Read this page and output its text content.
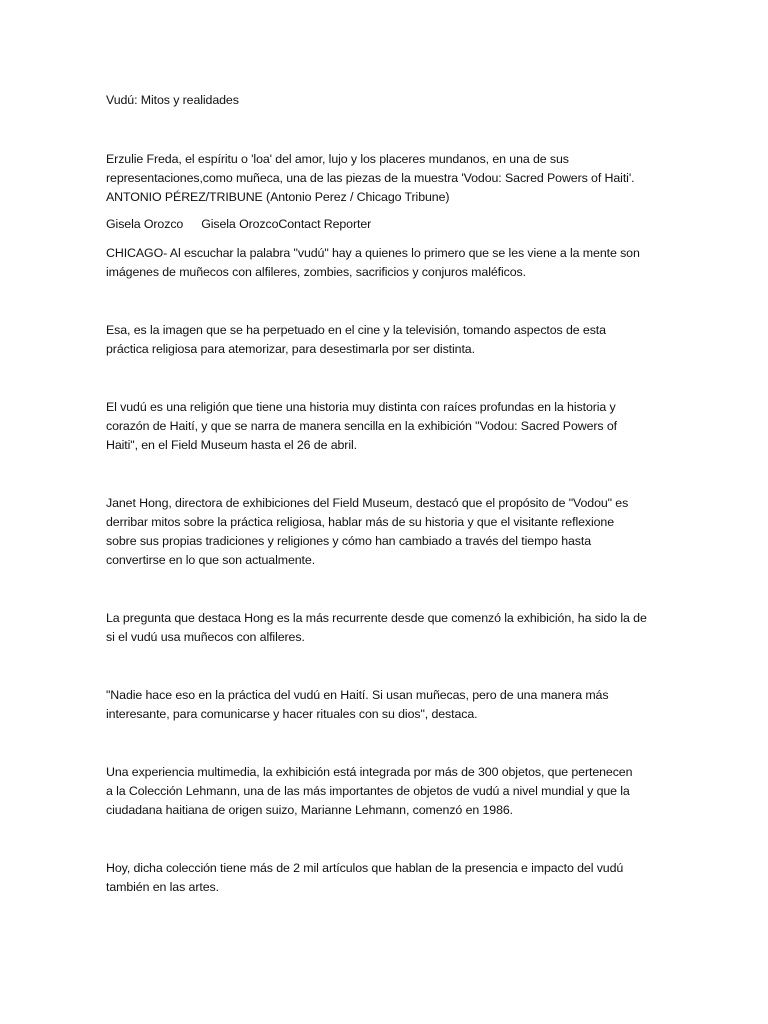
Vudú: Mitos y realidades
Erzulie Freda, el espíritu o 'loa' del amor, lujo y los placeres mundanos, en una de sus
representaciones,como muñeca, una de las piezas de la muestra 'Vodou: Sacred Powers of Haiti'.
ANTONIO PÉREZ/TRIBUNE (Antonio Perez / Chicago Tribune)
Gisela Orozco Gisela OrozcoContact Reporter
CHICAGO- Al escuchar la palabra "vudú" hay a quienes lo primero que se les viene a la mente son
imágenes de muñecos con alfileres, zombies, sacrificios y conjuros maléficos.
Esa, es la imagen que se ha perpetuado en el cine y la televisión, tomando aspectos de esta
práctica religiosa para atemorizar, para desestimarla por ser distinta.
El vudú es una religión que tiene una historia muy distinta con raíces profundas en la historia y
corazón de Haití, y que se narra de manera sencilla en la exhibición "Vodou: Sacred Powers of
Haiti", en el Field Museum hasta el 26 de abril.
Janet Hong, directora de exhibiciones del Field Museum, destacó que el propósito de "Vodou" es
derribar mitos sobre la práctica religiosa, hablar más de su historia y que el visitante reflexione
sobre sus propias tradiciones y religiones y cómo han cambiado a través del tiempo hasta
convertirse en lo que son actualmente.
La pregunta que destaca Hong es la más recurrente desde que comenzó la exhibición, ha sido la de
si el vudú usa muñecos con alfileres.
"Nadie hace eso en la práctica del vudú en Haití. Si usan muñecas, pero de una manera más
interesante, para comunicarse y hacer rituales con su dios", destaca.
Una experiencia multimedia, la exhibición está integrada por más de 300 objetos, que pertenecen
a la Colección Lehmann, una de las más importantes de objetos de vudú a nivel mundial y que la
ciudadana haitiana de origen suizo, Marianne Lehmann, comenzó en 1986.
Hoy, dicha colección tiene más de 2 mil artículos que hablan de la presencia e impacto del vudú
también en las artes.
